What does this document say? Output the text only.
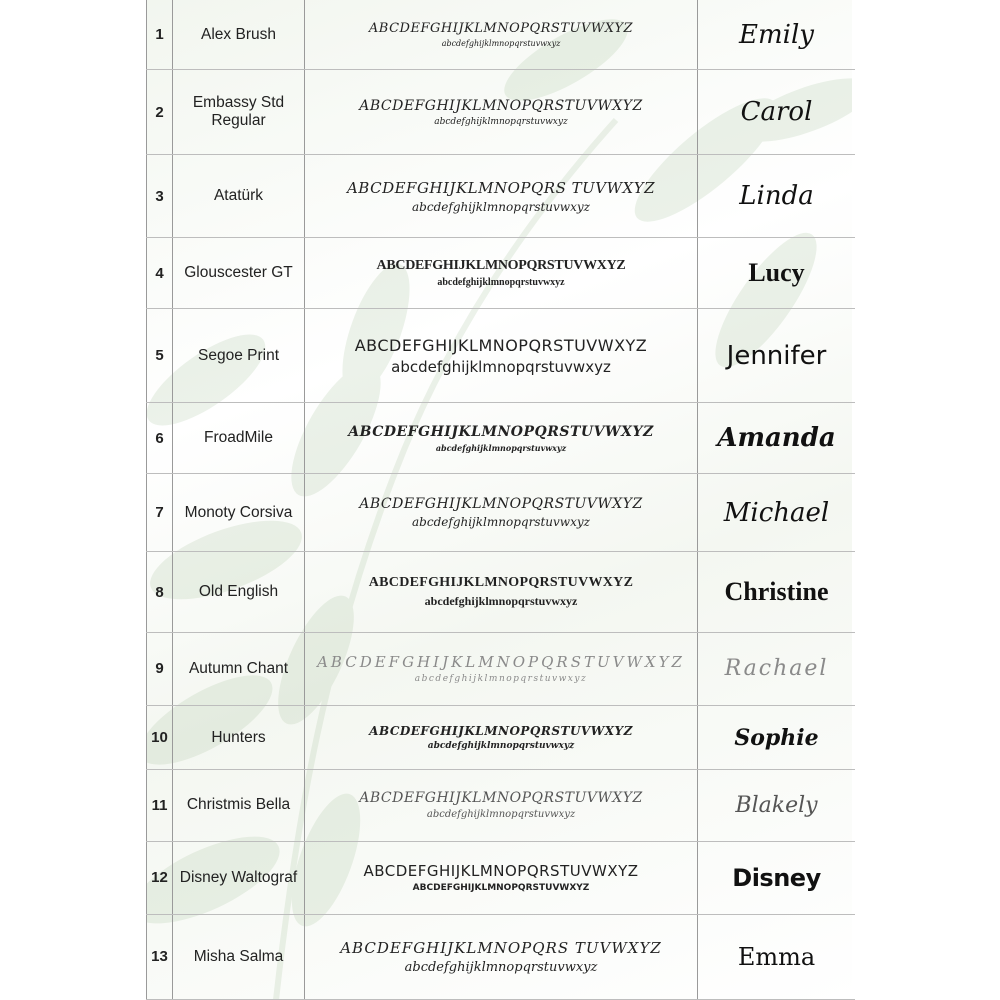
1	Alex Brush	ABCDEFGHIJKLMNOPQRSTUVWXYZ
abcdefghijklmnopqrstuvwxyz	Emily
2	Embassy Std Regular	ABCDEFGHIJKLMNOPQRSTUVWXYZ
abcdefghijklmnopqrstuvwxyz	Carol
3	Atatürk	ABCDEFGHIJKLMNOPQRS TUVWXYZ
abcdefghijklmnopqrstuvwxyz	Linda
4	Glouscester GT	ABCDEFGHIJKLMNOPQRSTUVWXYZ
abcdefghijklmnopqrstuvwxyz	Lucy
5	Segoe Print	ABCDEFGHIJKLMNOPQRSTUVWXYZ
abcdefghijklmnopqrstuvwxyz	Jennifer
6	FroadMile	ABCDEFGHIJKLMNOPQRSTUVWXYZ
abcdefghijklmnopqrstuvwxyz	Amanda
7	Monoty Corsiva	ABCDEFGHIJKLMNOPQRSTUVWXYZ
abcdefghijklmnopqrstuvwxyz	Michael
8	Old English	ABCDEFGHIJKLMNOPQRSTUVWXYZ
abcdefghijklmnopqrstuvwxyz	Christine
9	Autumn Chant	ABCDEFGHIJKLMNOPQRSTUVWXYZ
abcdefghijklmnopqrstuvwxyz	Rachael
10	Hunters	ABCDEFGHIJKLMNOPQRSTUVWXYZ
abcdefghijklmnopqrstuvwxyz	Sophie
11	Christmis Bella	ABCDEFGHIJKLMNOPQRSTUVWXYZ
abcdefghijklmnopqrstuvwxyz	Blakely
12	Disney Waltograf	ABCDEFGHIJKLMNOPQRSTUVWXYZ
ABCDEFGHIJKLMNOPQRSTUVWXYZ	Disney
13	Misha Salma	ABCDEFGHIJKLMNOPQRS TUVWXYZ
abcdefghijklmnopqrstuvwxyz	Emma
